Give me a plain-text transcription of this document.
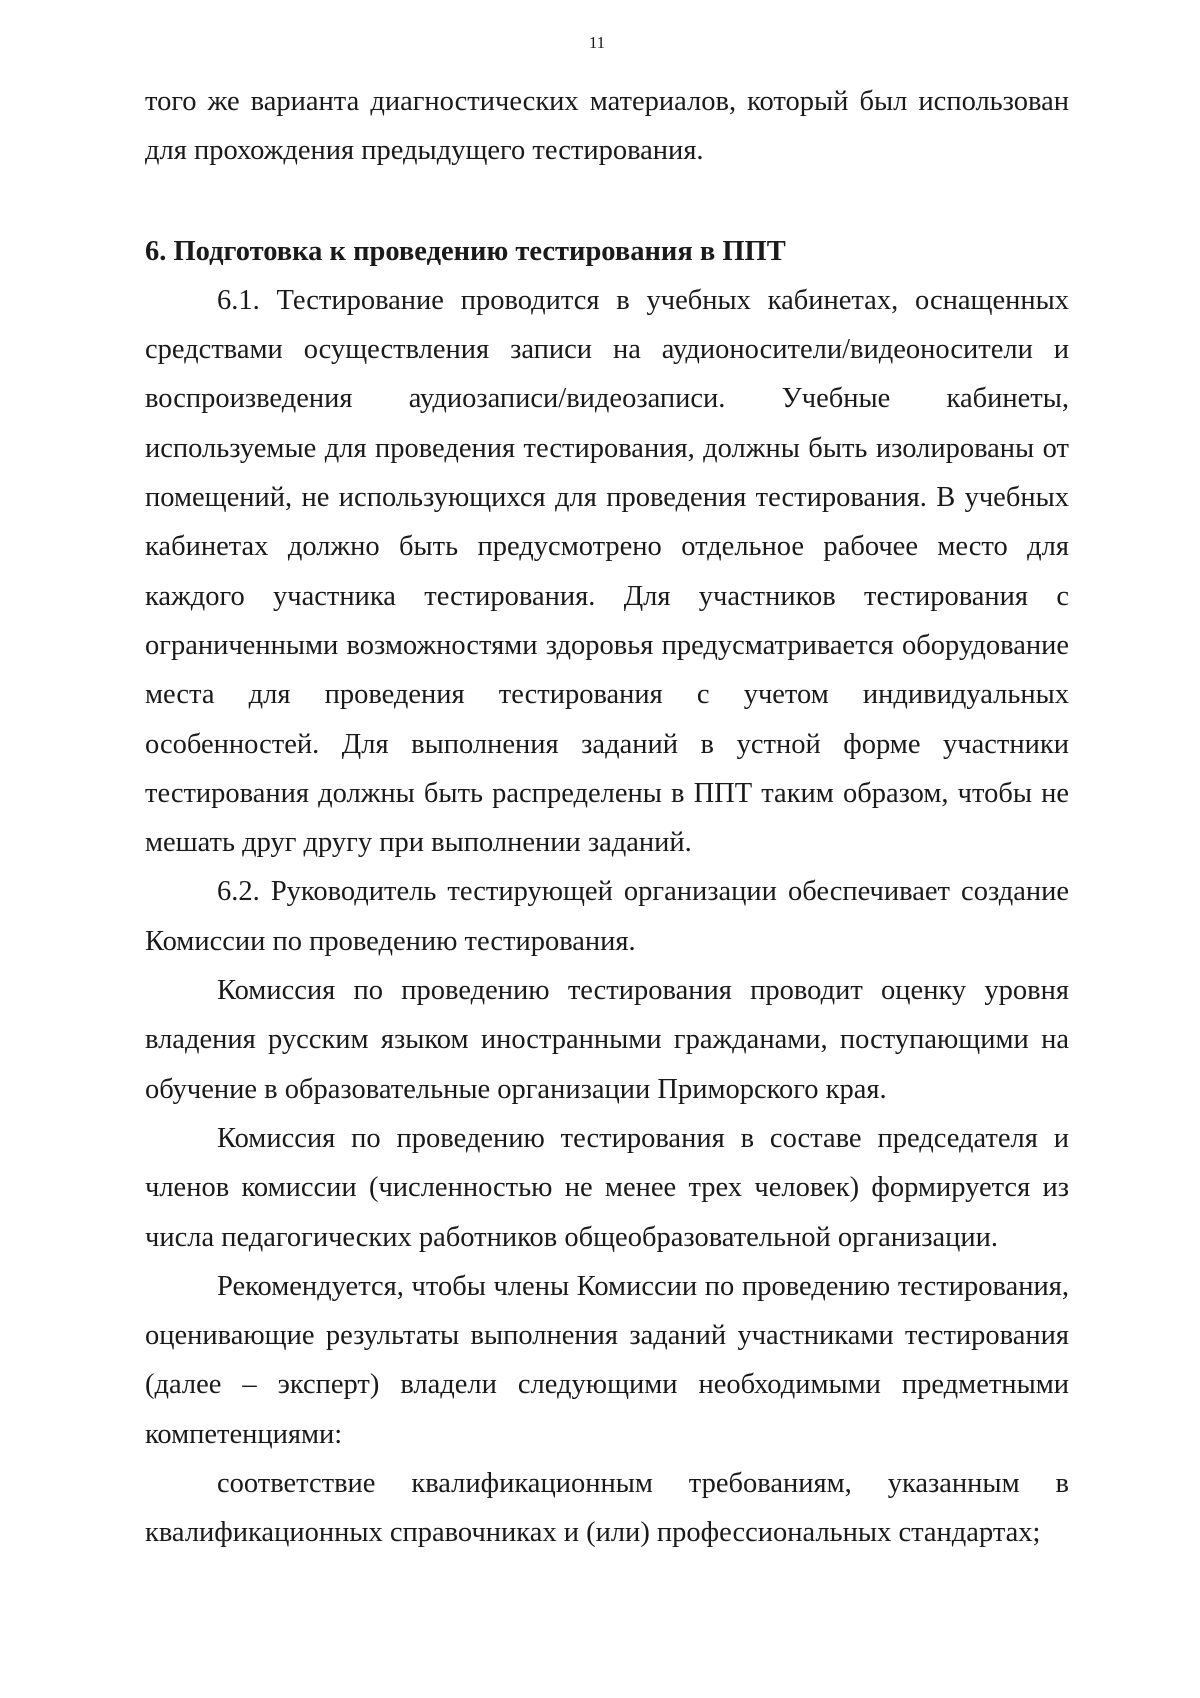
11

того же варианта диагностических материалов, который был использован для прохождения предыдущего тестирования.

6. Подготовка к проведению тестирования в ППТ

6.1. Тестирование проводится в учебных кабинетах, оснащенных средствами осуществления записи на аудионосители/видеоносители и воспроизведения аудиозаписи/видеозаписи. Учебные кабинеты, используемые для проведения тестирования, должны быть изолированы от помещений, не использующихся для проведения тестирования. В учебных кабинетах должно быть предусмотрено отдельное рабочее место для каждого участника тестирования. Для участников тестирования с ограниченными возможностями здоровья предусматривается оборудование места для проведения тестирования с учетом индивидуальных особенностей. Для выполнения заданий в устной форме участники тестирования должны быть распределены в ППТ таким образом, чтобы не мешать друг другу при выполнении заданий.

6.2. Руководитель тестирующей организации обеспечивает создание Комиссии по проведению тестирования.

Комиссия по проведению тестирования проводит оценку уровня владения русским языком иностранными гражданами, поступающими на обучение в образовательные организации Приморского края.

Комиссия по проведению тестирования в составе председателя и членов комиссии (численностью не менее трех человек) формируется из числа педагогических работников общеобразовательной организации.

Рекомендуется, чтобы члены Комиссии по проведению тестирования, оценивающие результаты выполнения заданий участниками тестирования (далее – эксперт) владели следующими необходимыми предметными компетенциями:

соответствие квалификационным требованиям, указанным в квалификационных справочниках и (или) профессиональных стандартах;
